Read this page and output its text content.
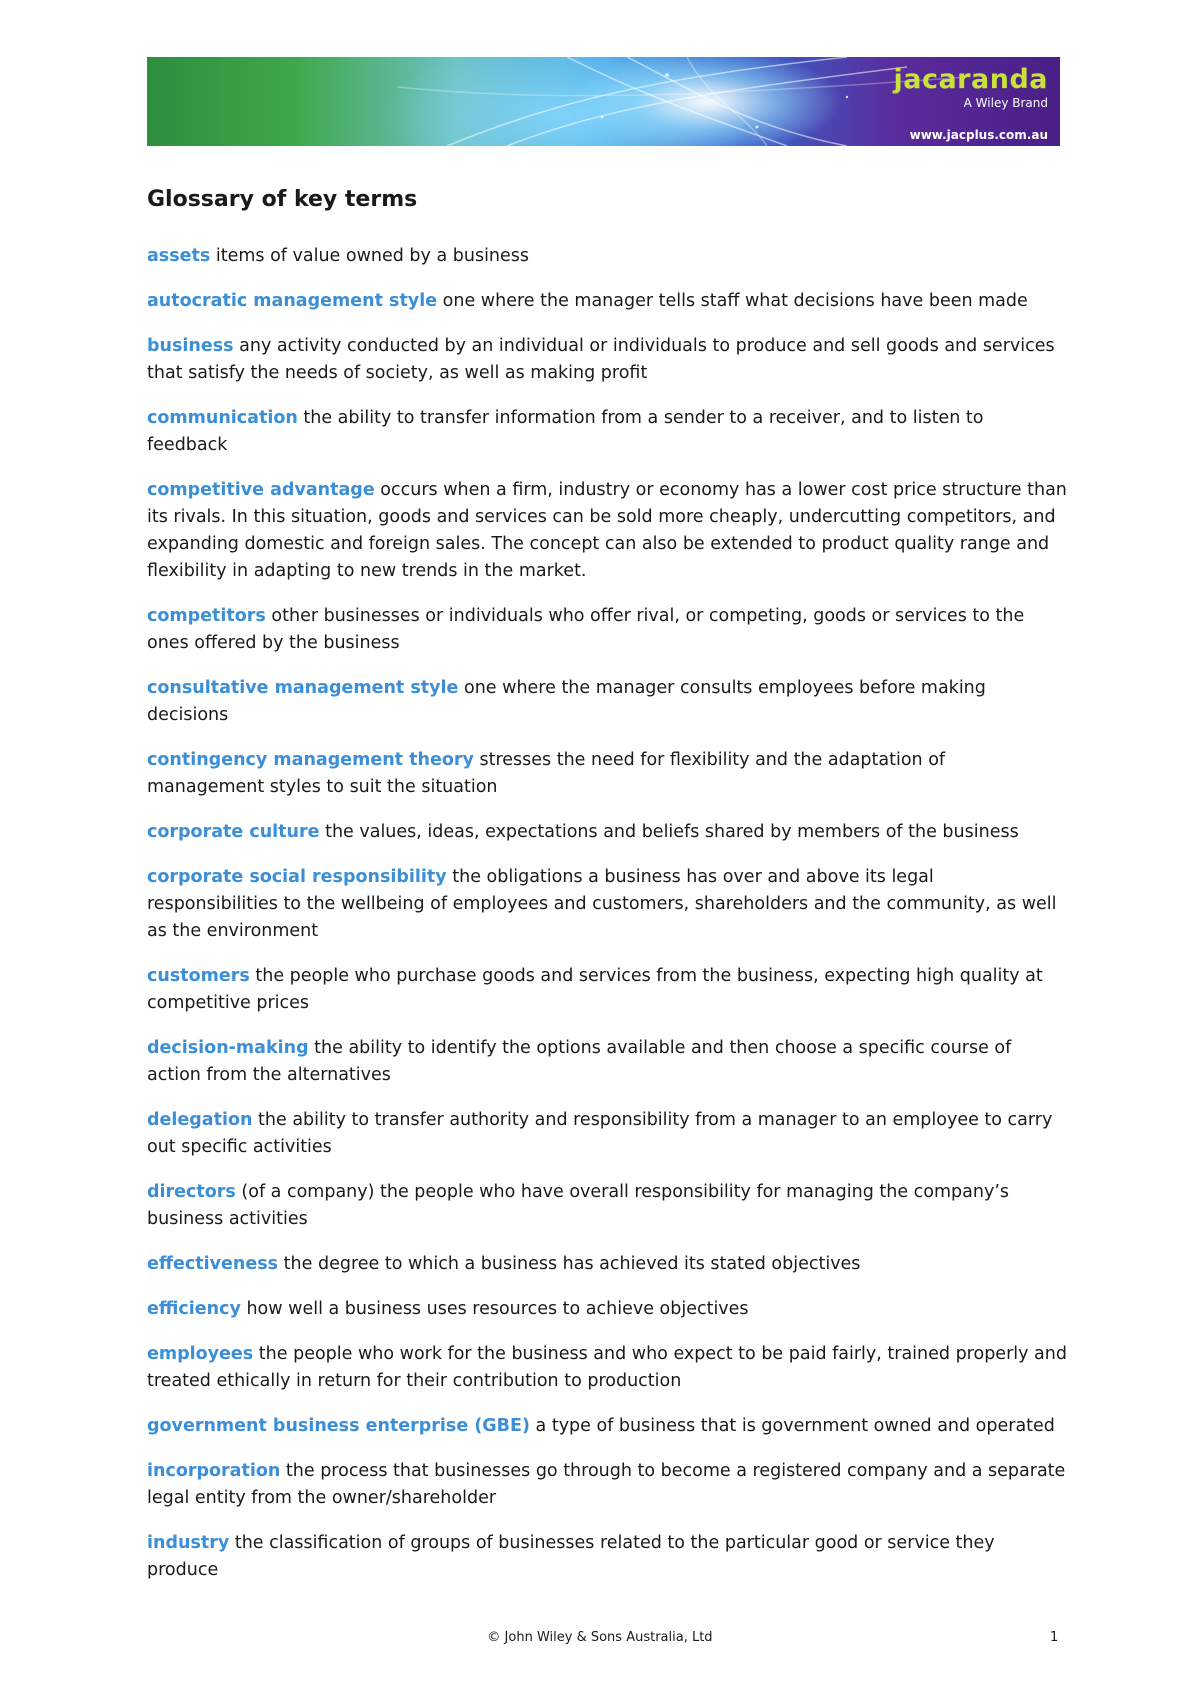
jacaranda
A Wiley Brand
www.jacplus.com.au
Glossary of key terms

assets items of value owned by a business

autocratic management style one where the manager tells staff what decisions have been made

business any activity conducted by an individual or individuals to produce and sell goods and services that satisfy the needs of society, as well as making profit

communication the ability to transfer information from a sender to a receiver, and to listen to feedback

competitive advantage occurs when a firm, industry or economy has a lower cost price structure than its rivals. In this situation, goods and services can be sold more cheaply, undercutting competitors, and expanding domestic and foreign sales. The concept can also be extended to product quality range and flexibility in adapting to new trends in the market.

competitors other businesses or individuals who offer rival, or competing, goods or services to the ones offered by the business

consultative management style one where the manager consults employees before making decisions

contingency management theory stresses the need for flexibility and the adaptation of management styles to suit the situation

corporate culture the values, ideas, expectations and beliefs shared by members of the business

corporate social responsibility the obligations a business has over and above its legal responsibilities to the wellbeing of employees and customers, shareholders and the community, as well as the environment

customers the people who purchase goods and services from the business, expecting high quality at competitive prices

decision-making the ability to identify the options available and then choose a specific course of action from the alternatives

delegation the ability to transfer authority and responsibility from a manager to an employee to carry out specific activities

directors (of a company) the people who have overall responsibility for managing the company’s business activities

effectiveness the degree to which a business has achieved its stated objectives

efficiency how well a business uses resources to achieve objectives

employees the people who work for the business and who expect to be paid fairly, trained properly and treated ethically in return for their contribution to production

government business enterprise (GBE) a type of business that is government owned and operated

incorporation the process that businesses go through to become a registered company and a separate legal entity from the owner/shareholder

industry the classification of groups of businesses related to the particular good or service they produce

© John Wiley & Sons Australia, Ltd	1
